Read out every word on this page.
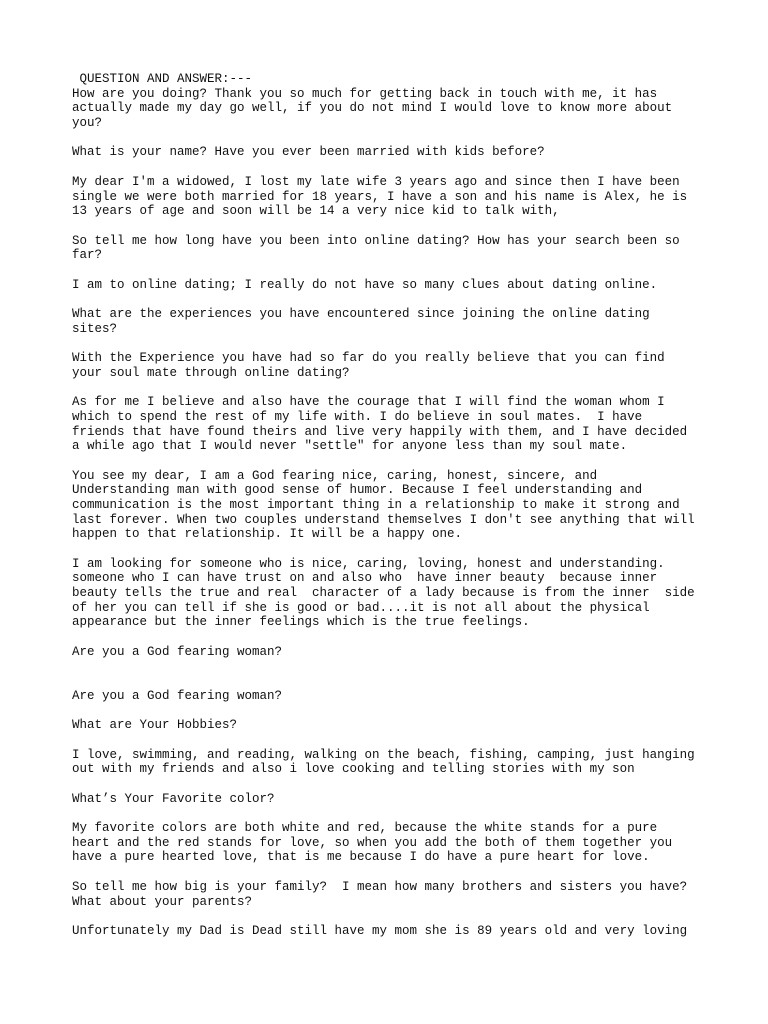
QUESTION AND ANSWER:---
How are you doing? Thank you so much for getting back in touch with me, it has
actually made my day go well, if you do not mind I would love to know more about
you?
What is your name? Have you ever been married with kids before?
My dear I'm a widowed, I lost my late wife 3 years ago and since then I have been
single we were both married for 18 years, I have a son and his name is Alex, he is
13 years of age and soon will be 14 a very nice kid to talk with,
So tell me how long have you been into online dating? How has your search been so
far?
I am to online dating; I really do not have so many clues about dating online.
What are the experiences you have encountered since joining the online dating
sites?
With the Experience you have had so far do you really believe that you can find
your soul mate through online dating?
As for me I believe and also have the courage that I will find the woman whom I
which to spend the rest of my life with. I do believe in soul mates.  I have
friends that have found theirs and live very happily with them, and I have decided
a while ago that I would never "settle" for anyone less than my soul mate.
You see my dear, I am a God fearing nice, caring, honest, sincere, and
Understanding man with good sense of humor. Because I feel understanding and
communication is the most important thing in a relationship to make it strong and
last forever. When two couples understand themselves I don't see anything that will
happen to that relationship. It will be a happy one.
I am looking for someone who is nice, caring, loving, honest and understanding.
someone who I can have trust on and also who  have inner beauty  because inner
beauty tells the true and real  character of a lady because is from the inner  side
of her you can tell if she is good or bad....it is not all about the physical
appearance but the inner feelings which is the true feelings.
Are you a God fearing woman?
Are you a God fearing woman?
What are Your Hobbies?
I love, swimming, and reading, walking on the beach, fishing, camping, just hanging
out with my friends and also i love cooking and telling stories with my son
What’s Your Favorite color?
My favorite colors are both white and red, because the white stands for a pure
heart and the red stands for love, so when you add the both of them together you
have a pure hearted love, that is me because I do have a pure heart for love.
So tell me how big is your family?  I mean how many brothers and sisters you have?
What about your parents?
Unfortunately my Dad is Dead still have my mom she is 89 years old and very loving
